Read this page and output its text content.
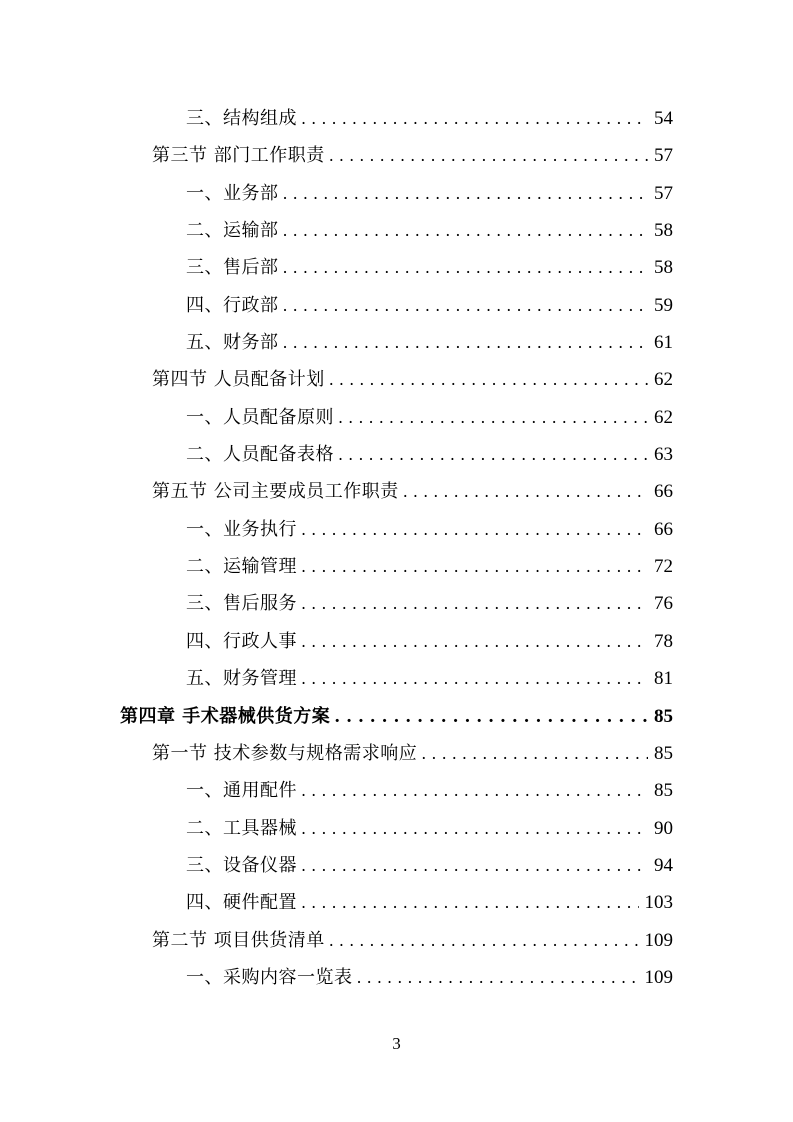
三、结构组成 . . .	54
第三节 部门工作职责 . . .	57
一、业务部 . . .	57
二、运输部 . . .	58
三、售后部 . . .	58
四、行政部 . . .	59
五、财务部 . . .	61
第四节 人员配备计划 . . .	62
一、人员配备原则 . . .	62
二、人员配备表格 . . .	63
第五节 公司主要成员工作职责 . . .	66
一、业务执行 . . .	66
二、运输管理 . . .	72
三、售后服务 . . .	76
四、行政人事 . . .	78
五、财务管理 . . .	81
第四章 手术器械供货方案 . . .	85
第一节 技术参数与规格需求响应 . . .	85
一、通用配件 . . .	85
二、工具器械 . . .	90
三、设备仪器 . . .	94
四、硬件配置 . . .	103
第二节 项目供货清单 . . .	109
一、采购内容一览表 . . .	109
3
